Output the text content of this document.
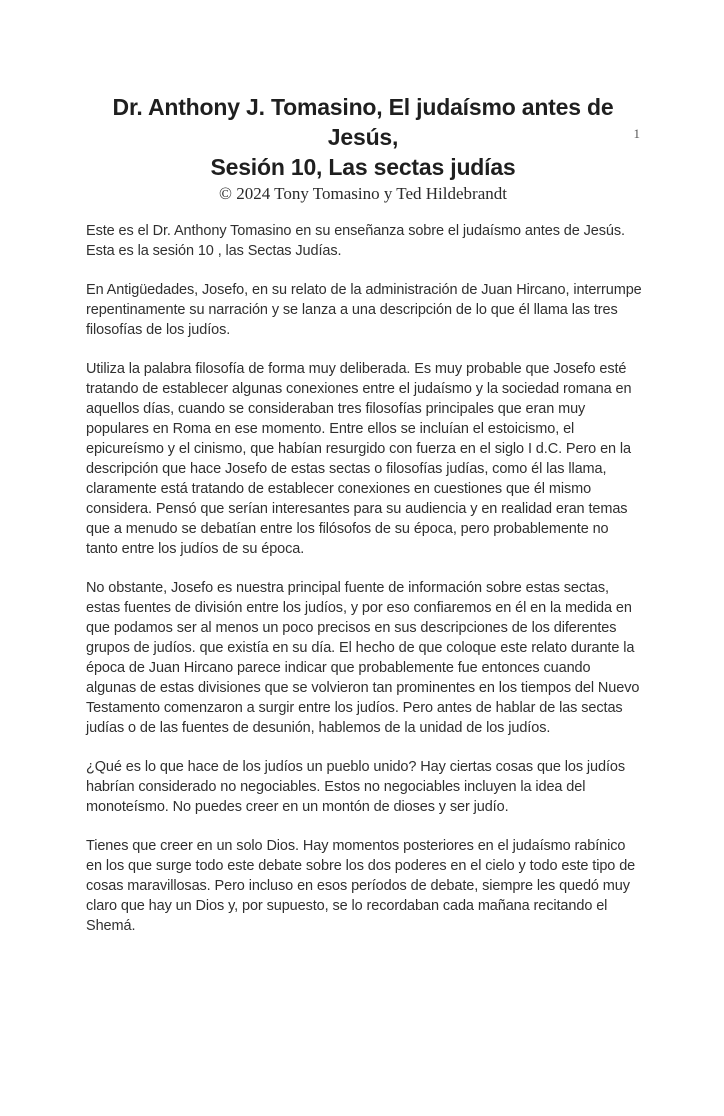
1
Dr. Anthony J. Tomasino, El judaísmo antes de Jesús,
Sesión 10, Las sectas judías
© 2024 Tony Tomasino y Ted Hildebrandt

Este es el Dr. Anthony Tomasino en su enseñanza sobre el judaísmo antes de Jesús. Esta es la sesión 10 , las Sectas Judías.

En Antigüedades, Josefo, en su relato de la administración de Juan Hircano, interrumpe repentinamente su narración y se lanza a una descripción de lo que él llama las tres filosofías de los judíos.

Utiliza la palabra filosofía de forma muy deliberada. Es muy probable que Josefo esté tratando de establecer algunas conexiones entre el judaísmo y la sociedad romana en aquellos días, cuando se consideraban tres filosofías principales que eran muy populares en Roma en ese momento. Entre ellos se incluían el estoicismo, el epicureísmo y el cinismo, que habían resurgido con fuerza en el siglo I d.C. Pero en la descripción que hace Josefo de estas sectas o filosofías judías, como él las llama, claramente está tratando de establecer conexiones en cuestiones que él mismo considera. Pensó que serían interesantes para su audiencia y en realidad eran temas que a menudo se debatían entre los filósofos de su época, pero probablemente no tanto entre los judíos de su época.

No obstante, Josefo es nuestra principal fuente de información sobre estas sectas, estas fuentes de división entre los judíos, y por eso confiaremos en él en la medida en que podamos ser al menos un poco precisos en sus descripciones de los diferentes grupos de judíos. que existía en su día. El hecho de que coloque este relato durante la época de Juan Hircano parece indicar que probablemente fue entonces cuando algunas de estas divisiones que se volvieron tan prominentes en los tiempos del Nuevo Testamento comenzaron a surgir entre los judíos. Pero antes de hablar de las sectas judías o de las fuentes de desunión, hablemos de la unidad de los judíos.

¿Qué es lo que hace de los judíos un pueblo unido? Hay ciertas cosas que los judíos habrían considerado no negociables. Estos no negociables incluyen la idea del monoteísmo. No puedes creer en un montón de dioses y ser judío.

Tienes que creer en un solo Dios. Hay momentos posteriores en el judaísmo rabínico en los que surge todo este debate sobre los dos poderes en el cielo y todo este tipo de cosas maravillosas. Pero incluso en esos períodos de debate, siempre les quedó muy claro que hay un Dios y, por supuesto, se lo recordaban cada mañana recitando el Shemá.
